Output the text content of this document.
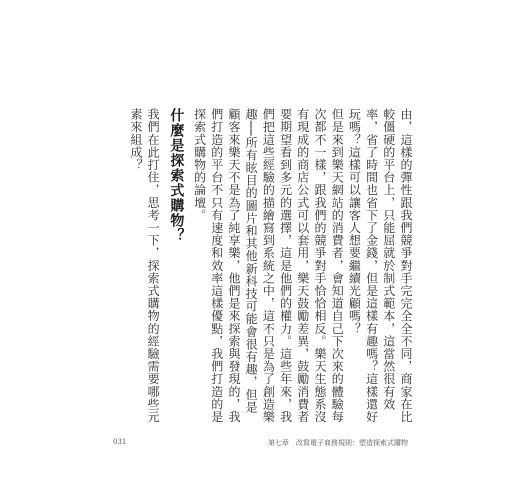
由，這樣的彈性跟我們競爭對手完完全全不同，商家在比較僵硬的平台上，只能屈就於制式範本，這當然很有效率，省了時間也省下了金錢，但是這樣有趣嗎？這樣還好玩嗎？這樣可以讓客人想要繼續光顧嗎？

但是來到樂天網站的消費者，會知道自己下次來的體驗每次都不一樣，跟我們的競爭對手恰恰相反。樂天生態系沒有現成的商店公式可以套用，樂天鼓勵差異，鼓勵消費者要期望看到多元的選擇，這是他們的權力。這些年來，我們把這些經驗的描繪寫到系統之中，這不只是為了創造樂趣──所有眩目的圖片和其他新科技可能會很有趣，但是顧客來樂天不是為了純享樂，他們是來探索與發現的，我們打造的平台不只有速度和效率這樣優點，我們打造的是探索式購物的論壇。

什麼是探索式購物？

我們在此打住，思考一下，探索式購物的經驗需要哪些元素來組成？

031	第七章　改寫電子商務規則：塑造探索式購物
